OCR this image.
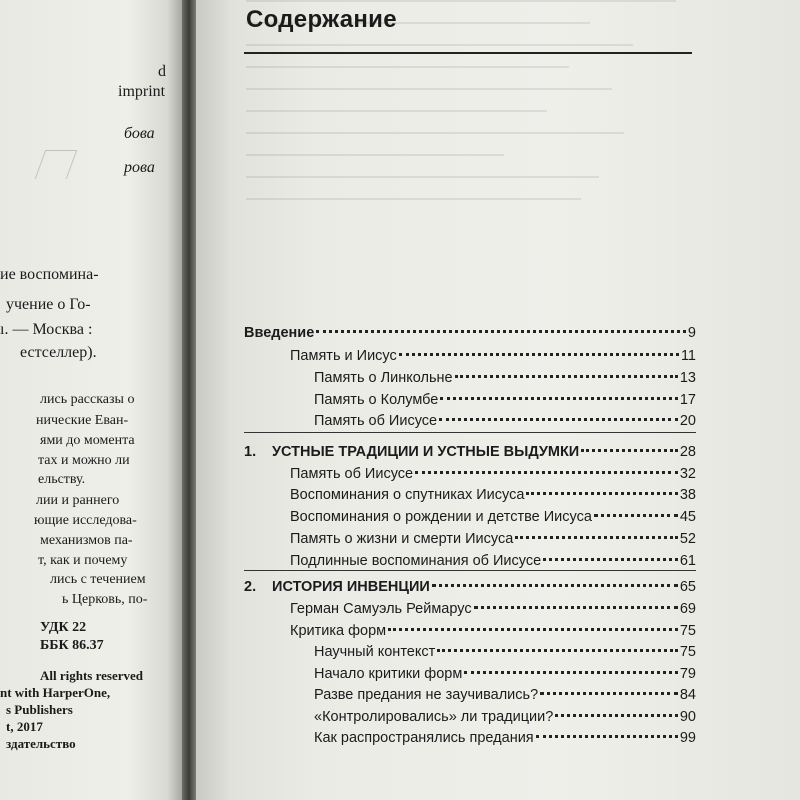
d
imprint
бова
рова
ие воспомина-
учение о Го-
ı. — Москва :
естселлер).
лись рассказы о
нические Еван-
ями до момента
тах и можно ли
ельству.
лии и раннего
ющие исследова-
механизмов па-
т, как и почему
лись с течением
ь Церковь, по-
УДК 22
ББК 86.37
All rights reserved
nt with HarperOne,
s Publishers
t, 2017
здательство
Содержание
Введение	9
Память и Иисус	11
Память о Линкольне	13
Память о Колумбе	17
Память об Иисусе	20
1. УСТНЫЕ ТРАДИЦИИ И УСТНЫЕ ВЫДУМКИ	28
Память об Иисусе	32
Воспоминания о спутниках Иисуса	38
Воспоминания о рождении и детстве Иисуса	45
Память о жизни и смерти Иисуса	52
Подлинные воспоминания об Иисусе	61
2. ИСТОРИЯ ИНВЕНЦИИ	65
Герман Самуэль Реймарус	69
Критика форм	75
Научный контекст	75
Начало критики форм	79
Разве предания не заучивались?	84
«Контролировались» ли традиции?	90
Как распространялись предания	99
